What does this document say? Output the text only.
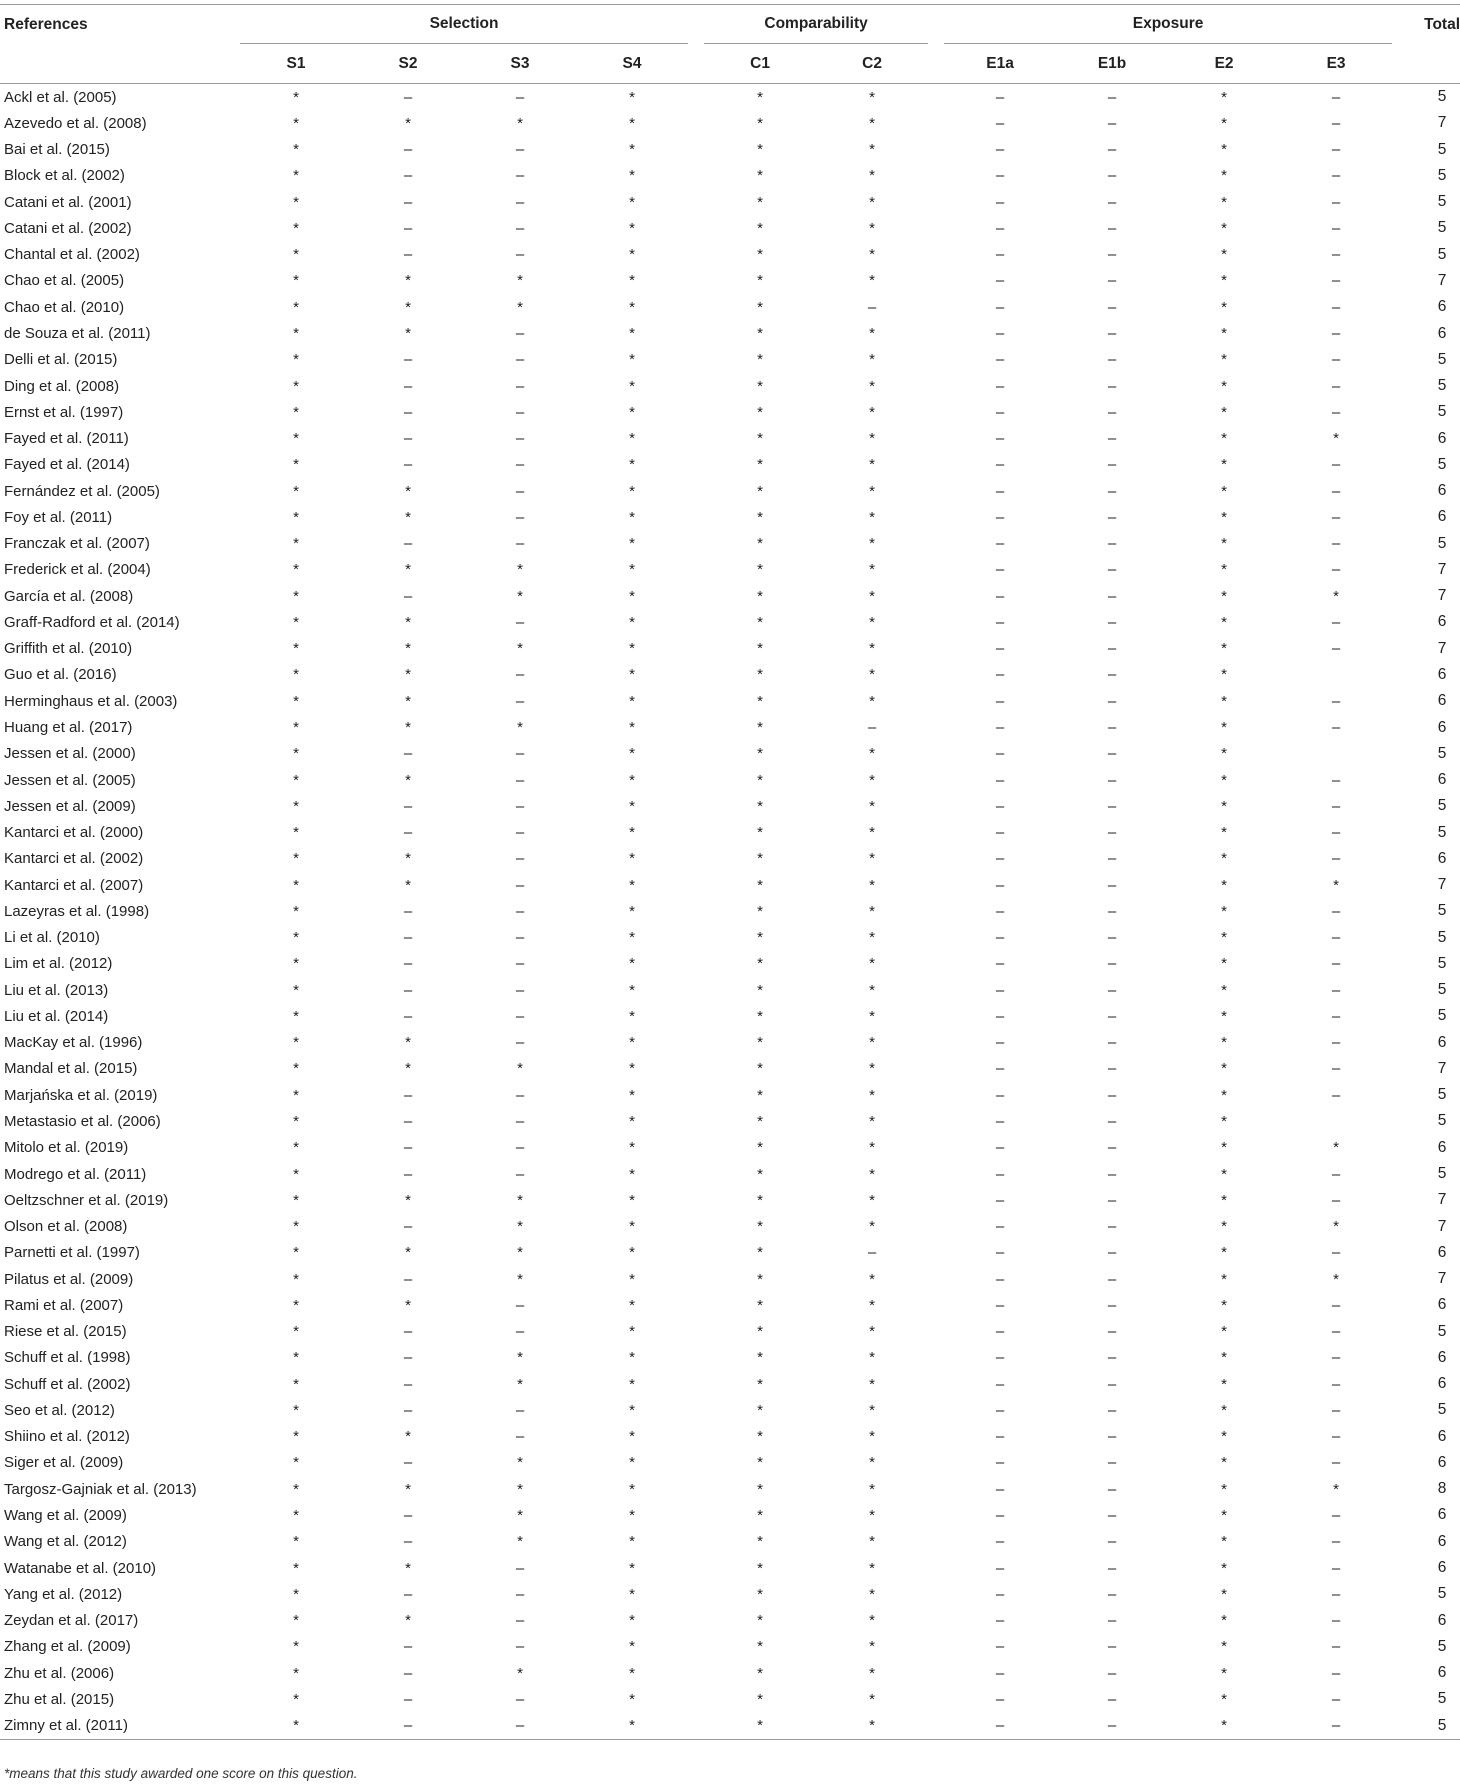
References	Selection					Comparability			Exposure				Total
	S1	S2	S3	S4		C1	C2		E1a	E1b	E2	E3	
Ackl et al. (2005)	*	–	–	*		*	*		–	–	*	–	5
Azevedo et al. (2008)	*	*	*	*		*	*		–	–	*	–	7
Bai et al. (2015)	*	–	–	*		*	*		–	–	*	–	5
Block et al. (2002)	*	–	–	*		*	*		–	–	*	–	5
Catani et al. (2001)	*	–	–	*		*	*		–	–	*	–	5
Catani et al. (2002)	*	–	–	*		*	*		–	–	*	–	5
Chantal et al. (2002)	*	–	–	*		*	*		–	–	*	–	5
Chao et al. (2005)	*	*	*	*		*	*		–	–	*	–	7
Chao et al. (2010)	*	*	*	*		*	–		–	–	*	–	6
de Souza et al. (2011)	*	*	–	*		*	*		–	–	*	–	6
Delli et al. (2015)	*	–	–	*		*	*		–	–	*	–	5
Ding et al. (2008)	*	–	–	*		*	*		–	–	*	–	5
Ernst et al. (1997)	*	–	–	*		*	*		–	–	*	–	5
Fayed et al. (2011)	*	–	–	*		*	*		–	–	*	*	6
Fayed et al. (2014)	*	–	–	*		*	*		–	–	*	–	5
Fernández et al. (2005)	*	*	–	*		*	*		–	–	*	–	6
Foy et al. (2011)	*	*	–	*		*	*		–	–	*	–	6
Franczak et al. (2007)	*	–	–	*		*	*		–	–	*	–	5
Frederick et al. (2004)	*	*	*	*		*	*		–	–	*	–	7
García et al. (2008)	*	–	*	*		*	*		–	–	*	*	7
Graff-Radford et al. (2014)	*	*	–	*		*	*		–	–	*	–	6
Griffith et al. (2010)	*	*	*	*		*	*		–	–	*	–	7
Guo et al. (2016)	*	*	–	*		*	*		–	–	*		6
Herminghaus et al. (2003)	*	*	–	*		*	*		–	–	*	–	6
Huang et al. (2017)	*	*	*	*		*	–		–	–	*	–	6
Jessen et al. (2000)	*	–	–	*		*	*		–	–	*		5
Jessen et al. (2005)	*	*	–	*		*	*		–	–	*	–	6
Jessen et al. (2009)	*	–	–	*		*	*		–	–	*	–	5
Kantarci et al. (2000)	*	–	–	*		*	*		–	–	*	–	5
Kantarci et al. (2002)	*	*	–	*		*	*		–	–	*	–	6
Kantarci et al. (2007)	*	*	–	*		*	*		–	–	*	*	7
Lazeyras et al. (1998)	*	–	–	*		*	*		–	–	*	–	5
Li et al. (2010)	*	–	–	*		*	*		–	–	*	–	5
Lim et al. (2012)	*	–	–	*		*	*		–	–	*	–	5
Liu et al. (2013)	*	–	–	*		*	*		–	–	*	–	5
Liu et al. (2014)	*	–	–	*		*	*		–	–	*	–	5
MacKay et al. (1996)	*	*	–	*		*	*		–	–	*	–	6
Mandal et al. (2015)	*	*	*	*		*	*		–	–	*	–	7
Marjańska et al. (2019)	*	–	–	*		*	*		–	–	*	–	5
Metastasio et al. (2006)	*	–	–	*		*	*		–	–	*		5
Mitolo et al. (2019)	*	–	–	*		*	*		–	–	*	*	6
Modrego et al. (2011)	*	–	–	*		*	*		–	–	*	–	5
Oeltzschner et al. (2019)	*	*	*	*		*	*		–	–	*	–	7
Olson et al. (2008)	*	–	*	*		*	*		–	–	*	*	7
Parnetti et al. (1997)	*	*	*	*		*	–		–	–	*	–	6
Pilatus et al. (2009)	*	–	*	*		*	*		–	–	*	*	7
Rami et al. (2007)	*	*	–	*		*	*		–	–	*	–	6
Riese et al. (2015)	*	–	–	*		*	*		–	–	*	–	5
Schuff et al. (1998)	*	–	*	*		*	*		–	–	*	–	6
Schuff et al. (2002)	*	–	*	*		*	*		–	–	*	–	6
Seo et al. (2012)	*	–	–	*		*	*		–	–	*	–	5
Shiino et al. (2012)	*	*	–	*		*	*		–	–	*	–	6
Siger et al. (2009)	*	–	*	*		*	*		–	–	*	–	6
Targosz-Gajniak et al. (2013)	*	*	*	*		*	*		–	–	*	*	8
Wang et al. (2009)	*	–	*	*		*	*		–	–	*	–	6
Wang et al. (2012)	*	–	*	*		*	*		–	–	*	–	6
Watanabe et al. (2010)	*	*	–	*		*	*		–	–	*	–	6
Yang et al. (2012)	*	–	–	*		*	*		–	–	*	–	5
Zeydan et al. (2017)	*	*	–	*		*	*		–	–	*	–	6
Zhang et al. (2009)	*	–	–	*		*	*		–	–	*	–	5
Zhu et al. (2006)	*	–	*	*		*	*		–	–	*	–	6
Zhu et al. (2015)	*	–	–	*		*	*		–	–	*	–	5
Zimny et al. (2011)	*	–	–	*		*	*		–	–	*	–	5
*means that this study awarded one score on this question.
